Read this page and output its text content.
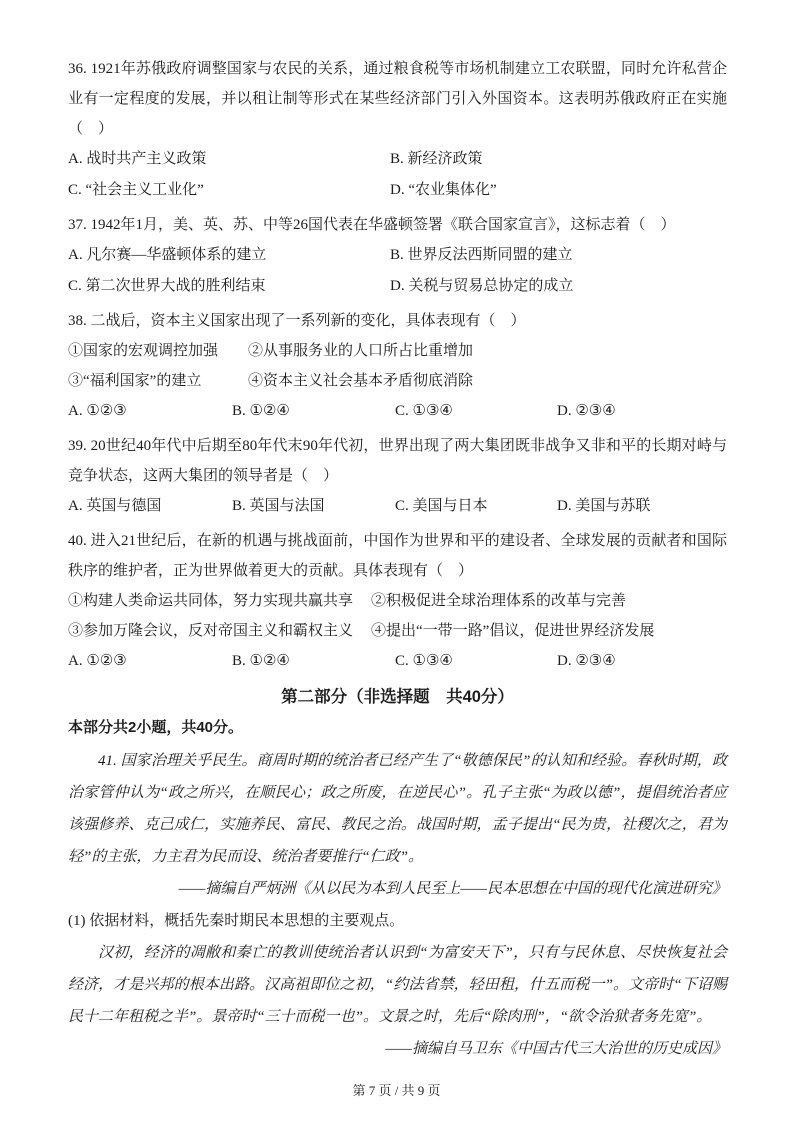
36. 1921年苏俄政府调整国家与农民的关系，通过粮食税等市场机制建立工农联盟，同时允许私营企业有一定程度的发展，并以租让制等形式在某些经济部门引入外国资本。这表明苏俄政府正在实施（　）

A. 战时共产主义政策	B. 新经济政策
C. “社会主义工业化”	D. “农业集体化”

37. 1942年1月，美、英、苏、中等26国代表在华盛顿签署《联合国家宣言》，这标志着（　）

A. 凡尔赛—华盛顿体系的建立	B. 世界反法西斯同盟的建立
C. 第二次世界大战的胜利结束	D. 关税与贸易总协定的成立

38. 二战后，资本主义国家出现了一系列新的变化，具体表现有（　）

①国家的宏观调控加强	②从事服务业的人口所占比重增加
③“福利国家”的建立	④资本主义社会基本矛盾彻底消除
A. ①②③	B. ①②④	C. ①③④	D. ②③④

39. 20世纪40年代中后期至80年代末90年代初，世界出现了两大集团既非战争又非和平的长期对峙与竞争状态，这两大集团的领导者是（　）

A. 英国与德国	B. 英国与法国	C. 美国与日本	D. 美国与苏联

40. 进入21世纪后，在新的机遇与挑战面前，中国作为世界和平的建设者、全球发展的贡献者和国际秩序的维护者，正为世界做着更大的贡献。具体表现有（　）

①构建人类命运共同体，努力实现共赢共享	②积极促进全球治理体系的改革与完善
③参加万隆会议，反对帝国主义和霸权主义	④提出“一带一路”倡议，促进世界经济发展
A. ①②③	B. ①②④	C. ①③④	D. ②③④
第二部分（非选择题　共40分）

本部分共2小题，共40分。

41. 国家治理关乎民生。商周时期的统治者已经产生了“敬德保民”的认知和经验。春秋时期，政治家管仲认为“政之所兴，在顺民心；政之所废，在逆民心”。孔子主张“为政以德”，提倡统治者应该强修养、克己成仁，实施养民、富民、教民之治。战国时期，孟子提出“民为贵，社稷次之，君为轻”的主张，力主君为民而设、统治者要推行“仁政”。

——摘编自严炳洲《从以民为本到人民至上——民本思想在中国的现代化演进研究》

(1) 依据材料，概括先秦时期民本思想的主要观点。

汉初，经济的凋敝和秦亡的教训使统治者认识到“为富安天下”，只有与民休息、尽快恢复社会经济，才是兴邦的根本出路。汉高祖即位之初，“约法省禁，轻田租，什五而税一”。文帝时“下诏赐民十二年租税之半”。景帝时“三十而税一也”。文景之时，先后“除肉刑”，“欲令治狱者务先宽”。

——摘编自马卫东《中国古代三大治世的历史成因》

第 7 页 / 共 9 页
